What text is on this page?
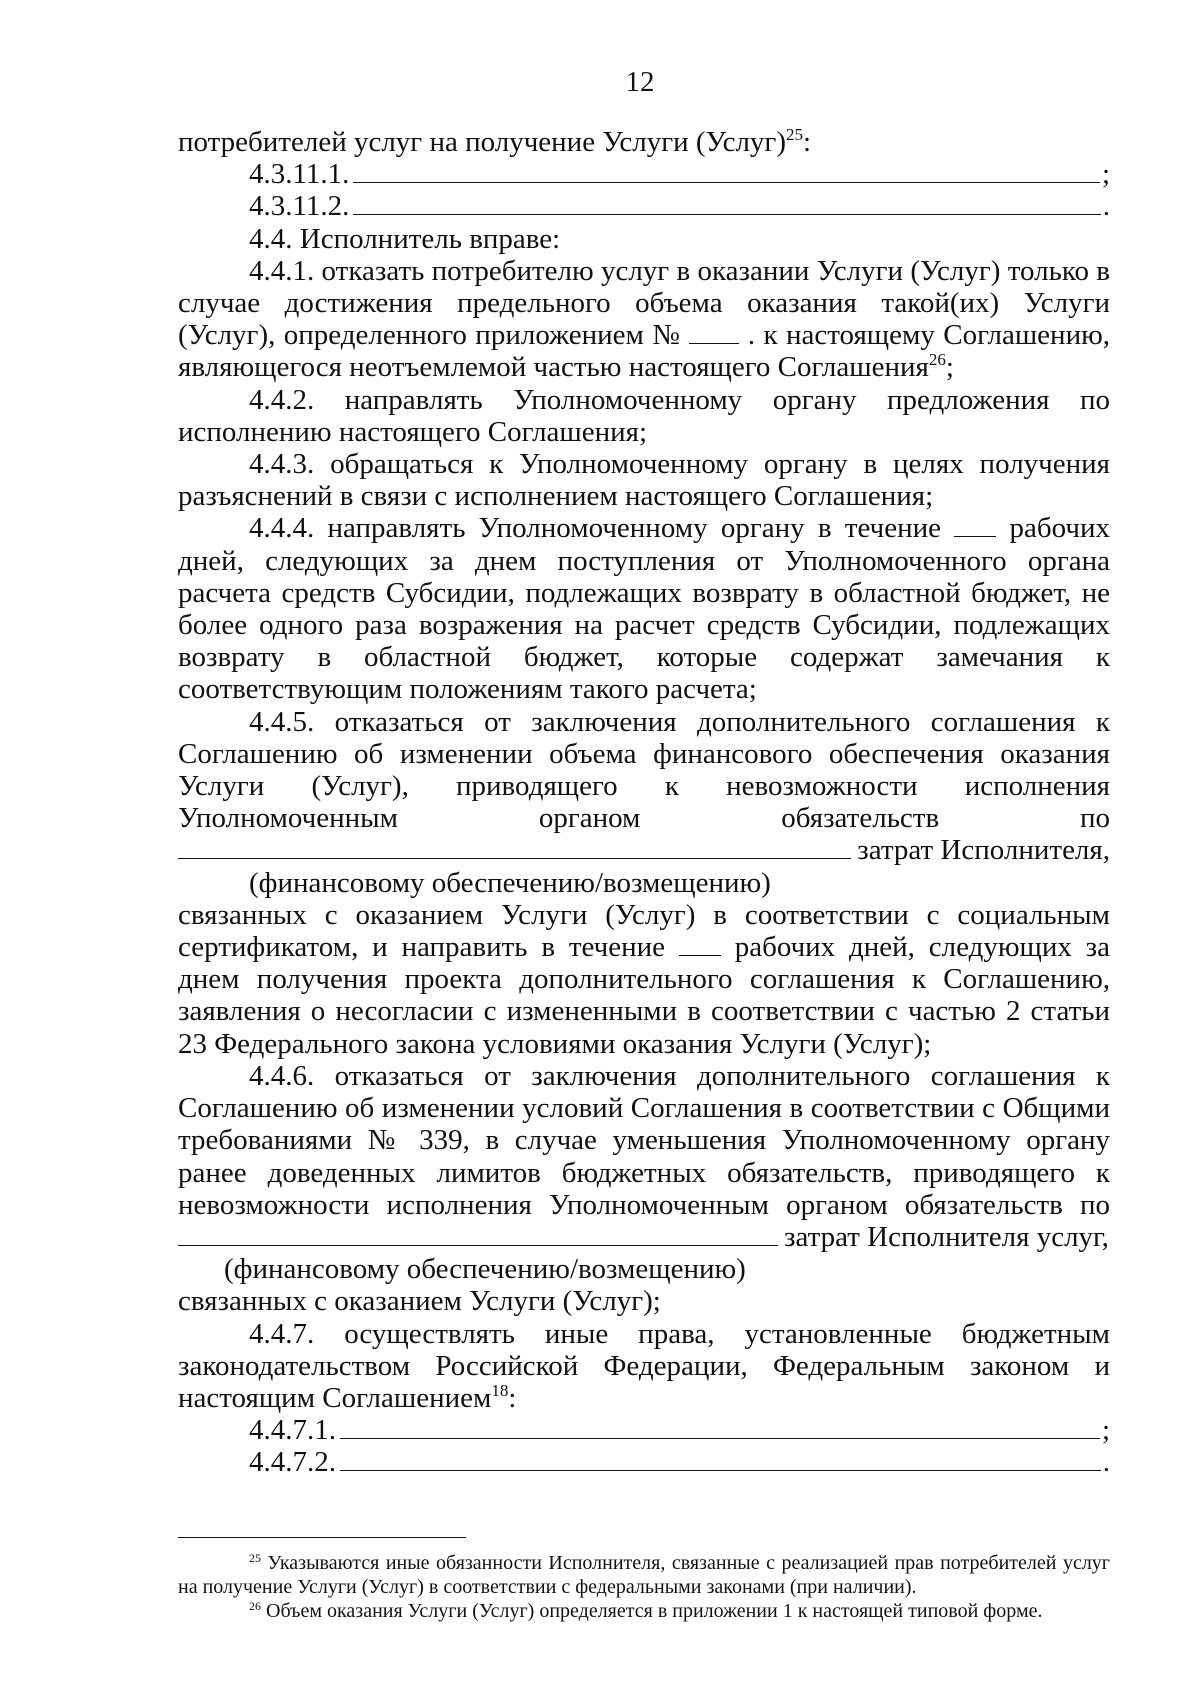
12

потребителей услуг на получение Услуги (Услуг)$^{25}$:

4.3.11.1.	;
4.3.11.2.	.

4.4. Исполнитель вправе:

4.4.1. отказать потребителю услуг в оказании Услуги (Услуг) только в случае достижения предельного объема оказания такой(их) Услуги (Услуг), определенного приложением № . к настоящему Соглашению, являющегося неотъемлемой частью настоящего Соглашения$^{26}$;

4.4.2. направлять Уполномоченному органу предложения по исполнению настоящего Соглашения;

4.4.3. обращаться к Уполномоченному органу в целях получения разъяснений в связи с исполнением настоящего Соглашения;

4.4.4. направлять Уполномоченному органу в течение рабочих дней, следующих за днем поступления от Уполномоченного органа расчета средств Субсидии, подлежащих возврату в областной бюджет, не более одного раза возражения на расчет средств Субсидии, подлежащих возврату в областной бюджет, которые содержат замечания к соответствующим положениям такого расчета;

4.4.5. отказаться от заключения дополнительного соглашения к Соглашению об изменении объема финансового обеспечения оказания Услуги (Услуг), приводящего к невозможности исполнения Уполномоченным органом обязательств по

затрат Исполнителя,

(финансовому обеспечению/возмещению)

связанных с оказанием Услуги (Услуг) в соответствии с социальным сертификатом, и направить в течение рабочих дней, следующих за днем получения проекта дополнительного соглашения к Соглашению, заявления о несогласии с измененными в соответствии с частью 2 статьи 23 Федерального закона условиями оказания Услуги (Услуг);

4.4.6. отказаться от заключения дополнительного соглашения к Соглашению об изменении условий Соглашения в соответствии с Общими требованиями № 339, в случае уменьшения Уполномоченному органу ранее доведенных лимитов бюджетных обязательств, приводящего к невозможности исполнения Уполномоченным органом обязательств по

затрат Исполнителя услуг,

(финансовому обеспечению/возмещению)

связанных с оказанием Услуги (Услуг);

4.4.7. осуществлять иные права, установленные бюджетным законодательством Российской Федерации, Федеральным законом и настоящим Соглашением$^{18}$:

4.4.7.1.	;
4.4.7.2.	.

$^{25}$ Указываются иные обязанности Исполнителя, связанные с реализацией прав потребителей услуг на получение Услуги (Услуг) в соответствии с федеральными законами (при наличии).

$^{26}$ Объем оказания Услуги (Услуг) определяется в приложении 1 к настоящей типовой форме.
